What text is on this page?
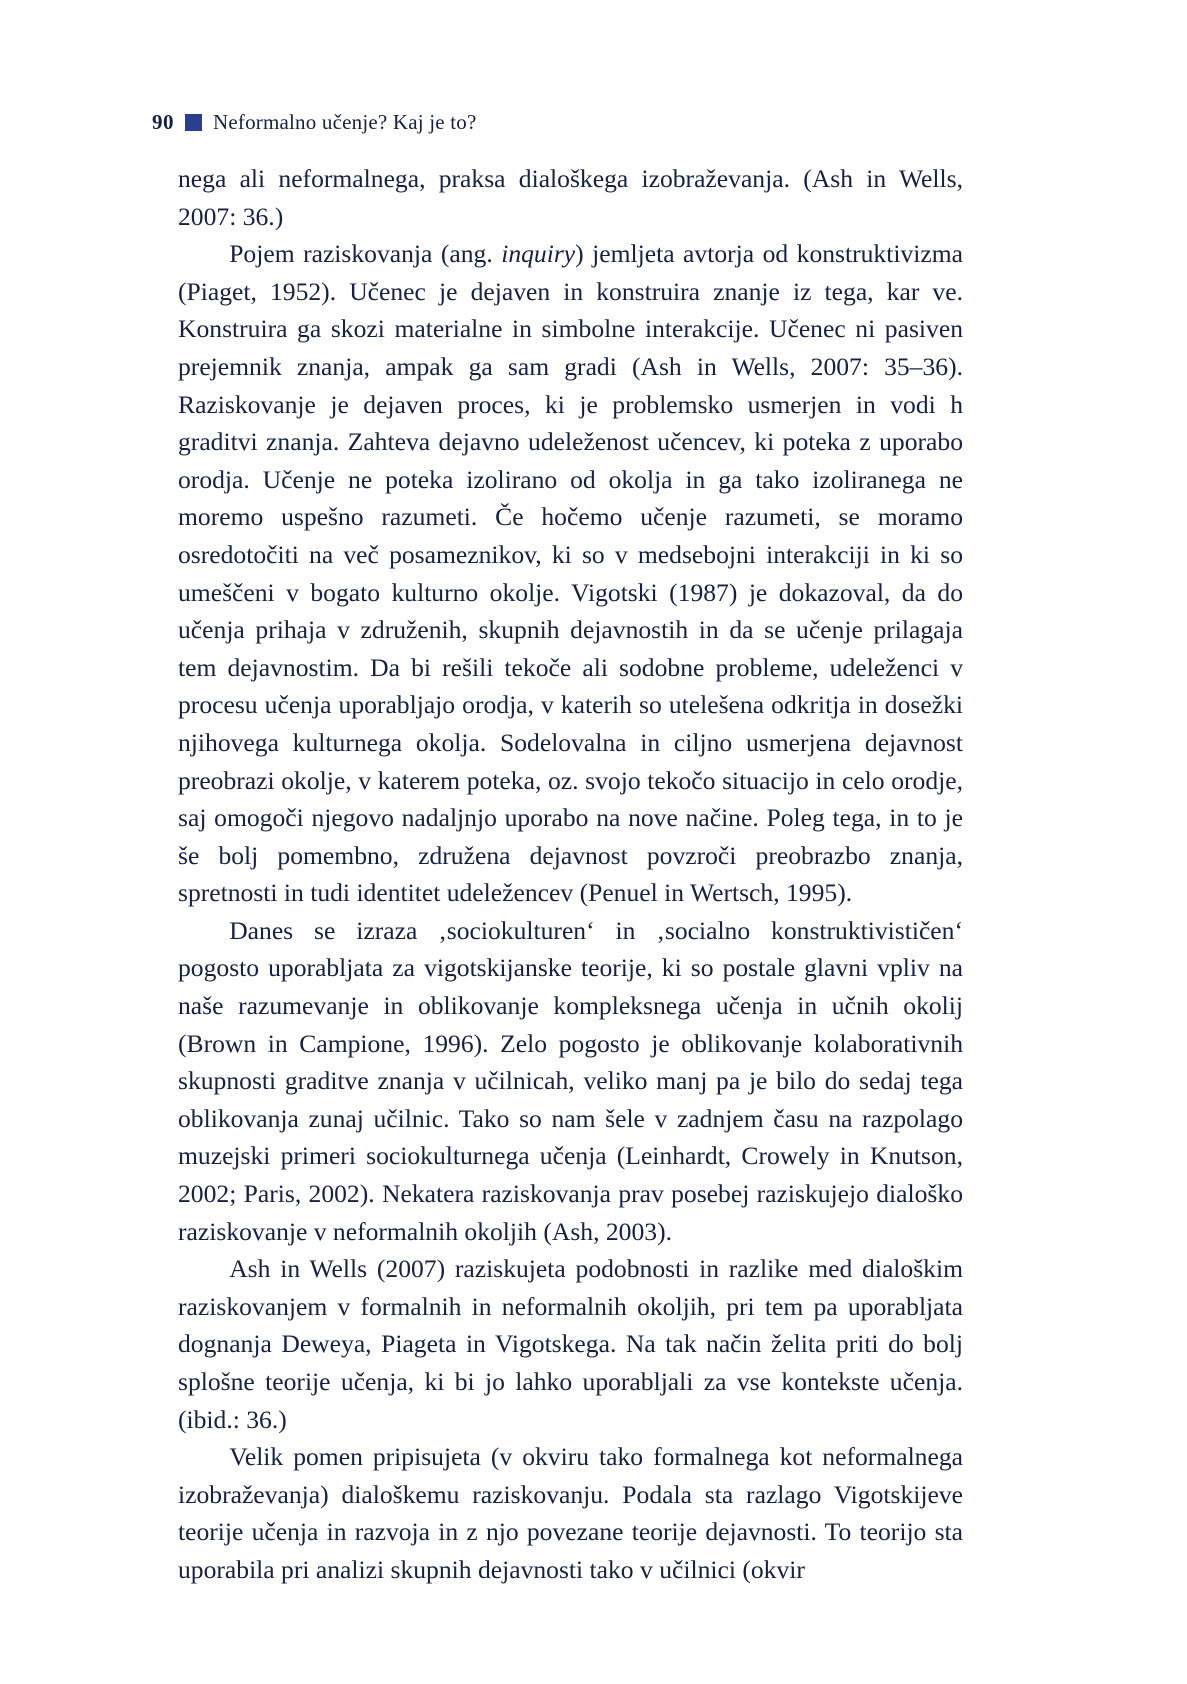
90 Neformalno učenje? Kaj je to?

nega ali neformalnega, praksa dialoškega izobraževanja. (Ash in Wells, 2007: 36.)

Pojem raziskovanja (ang. inquiry) jemljeta avtorja od konstruktivizma (Piaget, 1952). Učenec je dejaven in konstruira znanje iz tega, kar ve. Konstruira ga skozi materialne in simbolne interakcije. Učenec ni pasiven prejemnik znanja, ampak ga sam gradi (Ash in Wells, 2007: 35–36). Raziskovanje je dejaven proces, ki je problemsko usmerjen in vodi h graditvi znanja. Zahteva dejavno udeleženost učencev, ki poteka z uporabo orodja. Učenje ne poteka izolirano od okolja in ga tako izoliranega ne moremo uspešno razumeti. Če hočemo učenje razumeti, se moramo osredotočiti na več posameznikov, ki so v medsebojni interakciji in ki so umeščeni v bogato kulturno okolje. Vigotski (1987) je dokazoval, da do učenja prihaja v združenih, skupnih dejavnostih in da se učenje prilagaja tem dejavnostim. Da bi rešili tekoče ali sodobne probleme, udeleženci v procesu učenja uporabljajo orodja, v katerih so utelešena odkritja in dosežki njihovega kulturnega okolja. Sodelovalna in ciljno usmerjena dejavnost preobrazi okolje, v katerem poteka, oz. svojo tekočo situacijo in celo orodje, saj omogoči njegovo nadaljnjo uporabo na nove načine. Poleg tega, in to je še bolj pomembno, združena dejavnost povzroči preobrazbo znanja, spretnosti in tudi identitet udeležencev (Penuel in Wertsch, 1995).

Danes se izraza ‚sociokulturen‘ in ‚socialno konstruktivističen‘ pogosto uporabljata za vigotskijanske teorije, ki so postale glavni vpliv na naše razumevanje in oblikovanje kompleksnega učenja in učnih okolij (Brown in Campione, 1996). Zelo pogosto je oblikovanje kolaborativnih skupnosti graditve znanja v učilnicah, veliko manj pa je bilo do sedaj tega oblikovanja zunaj učilnic. Tako so nam šele v zadnjem času na razpolago muzejski primeri sociokulturnega učenja (Leinhardt, Crowely in Knutson, 2002; Paris, 2002). Nekatera raziskovanja prav posebej raziskujejo dialoško raziskovanje v neformalnih okoljih (Ash, 2003).

Ash in Wells (2007) raziskujeta podobnosti in razlike med dialoškim raziskovanjem v formalnih in neformalnih okoljih, pri tem pa uporabljata dognanja Deweya, Piageta in Vigotskega. Na tak način želita priti do bolj splošne teorije učenja, ki bi jo lahko uporabljali za vse kontekste učenja. (ibid.: 36.)

Velik pomen pripisujeta (v okviru tako formalnega kot neformalnega izobraževanja) dialoškemu raziskovanju. Podala sta razlago Vigotskijeve teorije učenja in razvoja in z njo povezane teorije dejavnosti. To teorijo sta uporabila pri analizi skupnih dejavnosti tako v učilnici (okvir
